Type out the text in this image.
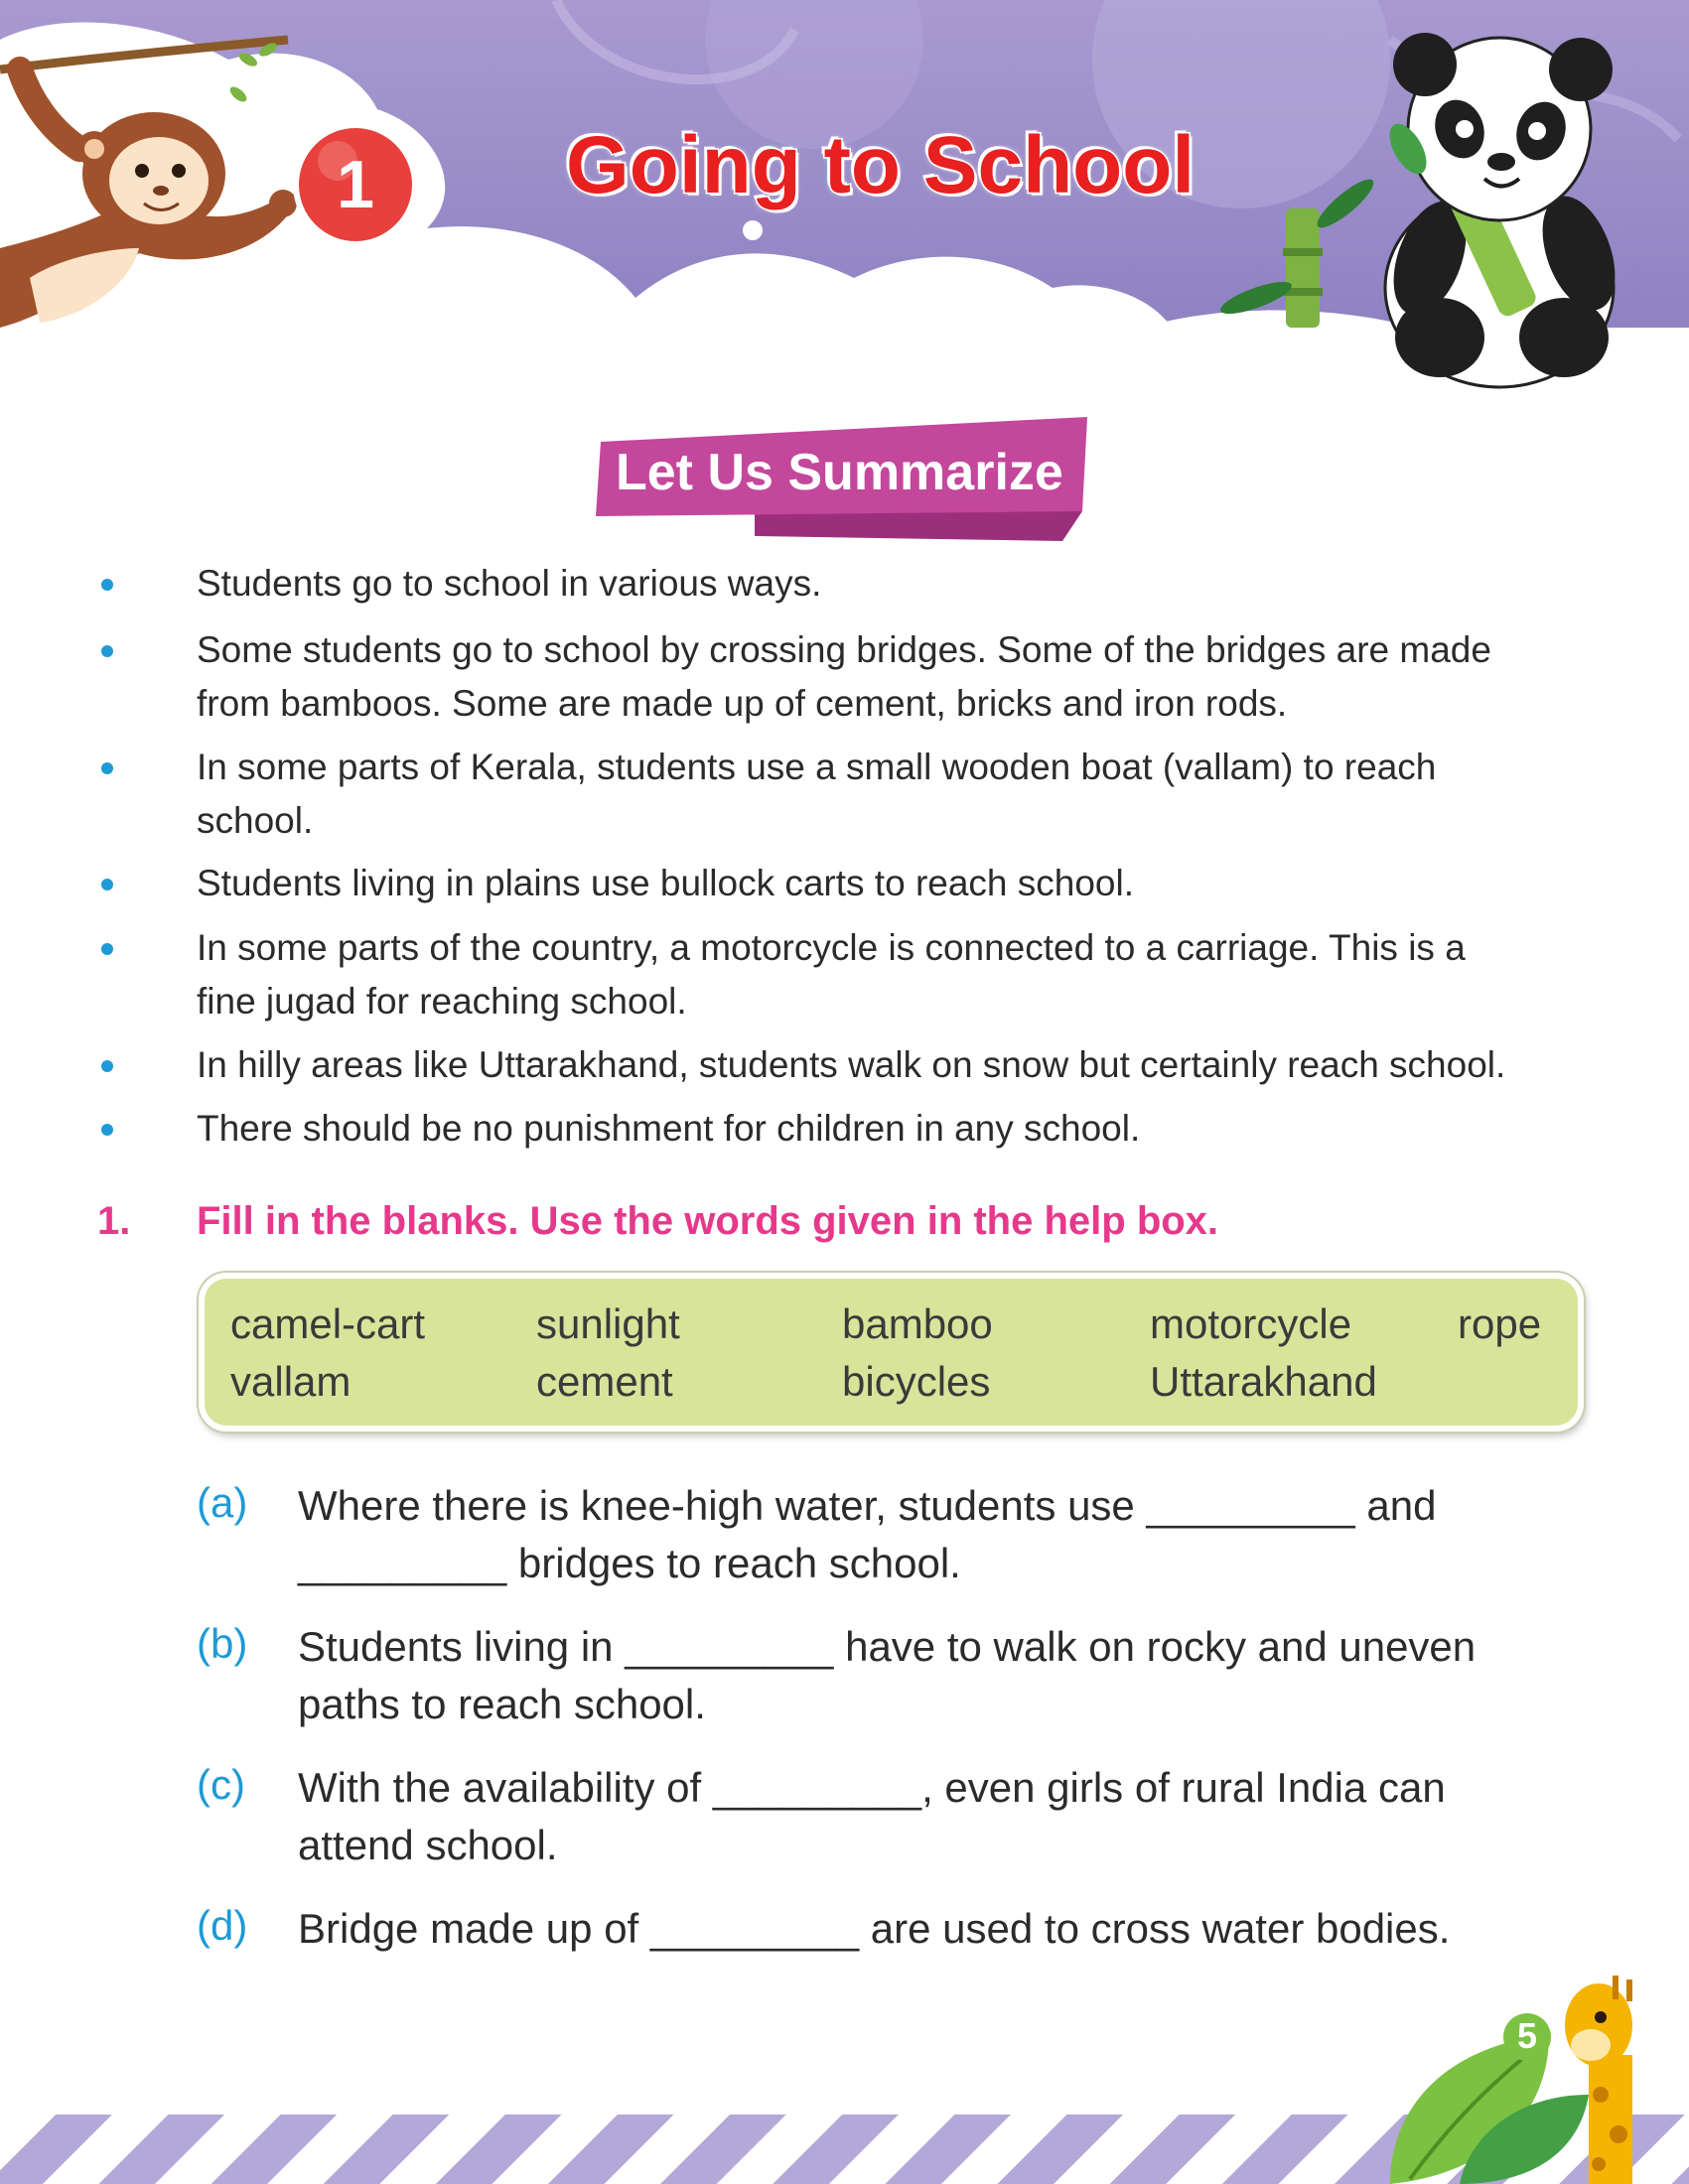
Going to School
1
Let Us Summarize
Students go to school in various ways.
Some students go to school by crossing bridges. Some of the bridges are made
from bamboos. Some are made up of cement, bricks and iron rods.
In some parts of Kerala, students use a small wooden boat (vallam) to reach
school.
Students living in plains use bullock carts to reach school.
In some parts of the country, a motorcycle is connected to a carriage. This is a
fine jugad for reaching school.
In hilly areas like Uttarakhand, students walk on snow but certainly reach school.
There should be no punishment for children in any school.
1. Fill in the blanks. Use the words given in the help box.
camel-cart	sunlight	bamboo	motorcycle	rope
vallam	cement	bicycles	Uttarakhand
(a) Where there is knee-high water, students use _________ and
_________ bridges to reach school.
(b) Students living in _________ have to walk on rocky and uneven
paths to reach school.
(c) With the availability of _________, even girls of rural India can
attend school.
(d) Bridge made up of _________ are used to cross water bodies.
5
